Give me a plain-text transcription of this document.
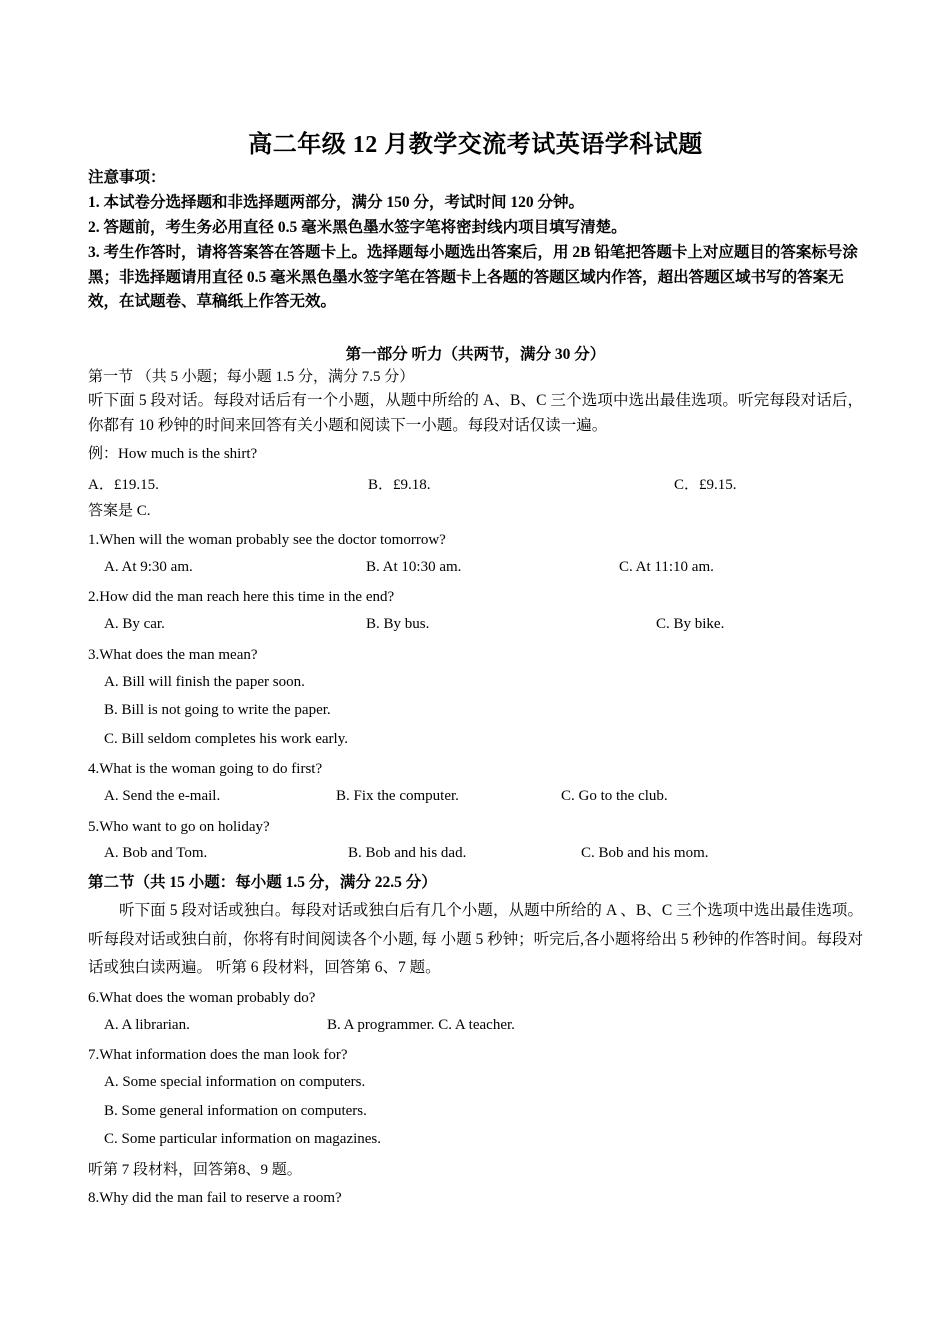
高二年级 12 月教学交流考试英语学科试题
注意事项：
1. 本试卷分选择题和非选择题两部分，满分 150 分，考试时间 120 分钟。
2. 答题前，考生务必用直径 0.5 毫米黑色墨水签字笔将密封线内项目填写清楚。
3. 考生作答时，请将答案答在答题卡上。选择题每小题选出答案后，用 2B 铅笔把答题卡上对应题目的答案标号涂黑；非选择题请用直径 0.5 毫米黑色墨水签字笔在答题卡上各题的答题区域内作答，超出答题区域书写的答案无效，在试题卷、草稿纸上作答无效。
第一部分 听力（共两节，满分 30 分）
第一节 （共 5 小题；每小题 1.5 分，满分 7.5 分）
听下面 5 段对话。每段对话后有一个小题，从题中所给的 A、B、C 三个选项中选出最佳选项。听完每段对话后，你都有 10 秒钟的时间来回答有关小题和阅读下一小题。每段对话仅读一遍。
例：How much is the shirt?
A．£19.15.	B．£9.18.	C．£9.15.
答案是 C.
1.When will the woman probably see the doctor tomorrow?
A. At 9:30 am.	B. At 10:30 am.	C. At 11:10 am.
2.How did the man reach here this time in the end?
A. By car.	B. By bus.	C. By bike.
3.What does the man mean?
A. Bill will finish the paper soon.
B. Bill is not going to write the paper.
C. Bill seldom completes his work early.
4.What is the woman going to do first?
A. Send the e-mail.	B. Fix the computer.	C. Go to the club.
5.Who want to go on holiday?
A. Bob and Tom.	B. Bob and his dad.	C. Bob and his mom.
第二节（共 15 小题：每小题 1.5 分，满分 22.5 分）
听下面 5 段对话或独白。每段对话或独白后有几个小题，从题中所给的 A 、B、C 三个选项中选出最佳选项。听每段对话或独白前，你将有时间阅读各个小题, 每 小题 5 秒钟；听完后,各小题将给出 5 秒钟的作答时间。每段对话或独白读两遍。 听第 6 段材料，回答第 6、7 题。
6.What does the woman probably do?
A. A librarian.	B. A programmer. C. A teacher.
7.What information does the man look for?
A. Some special information on computers.
B. Some general information on computers.
C. Some particular information on magazines.
听第 7 段材料，回答第8、9 题。
8.Why did the man fail to reserve a room?
